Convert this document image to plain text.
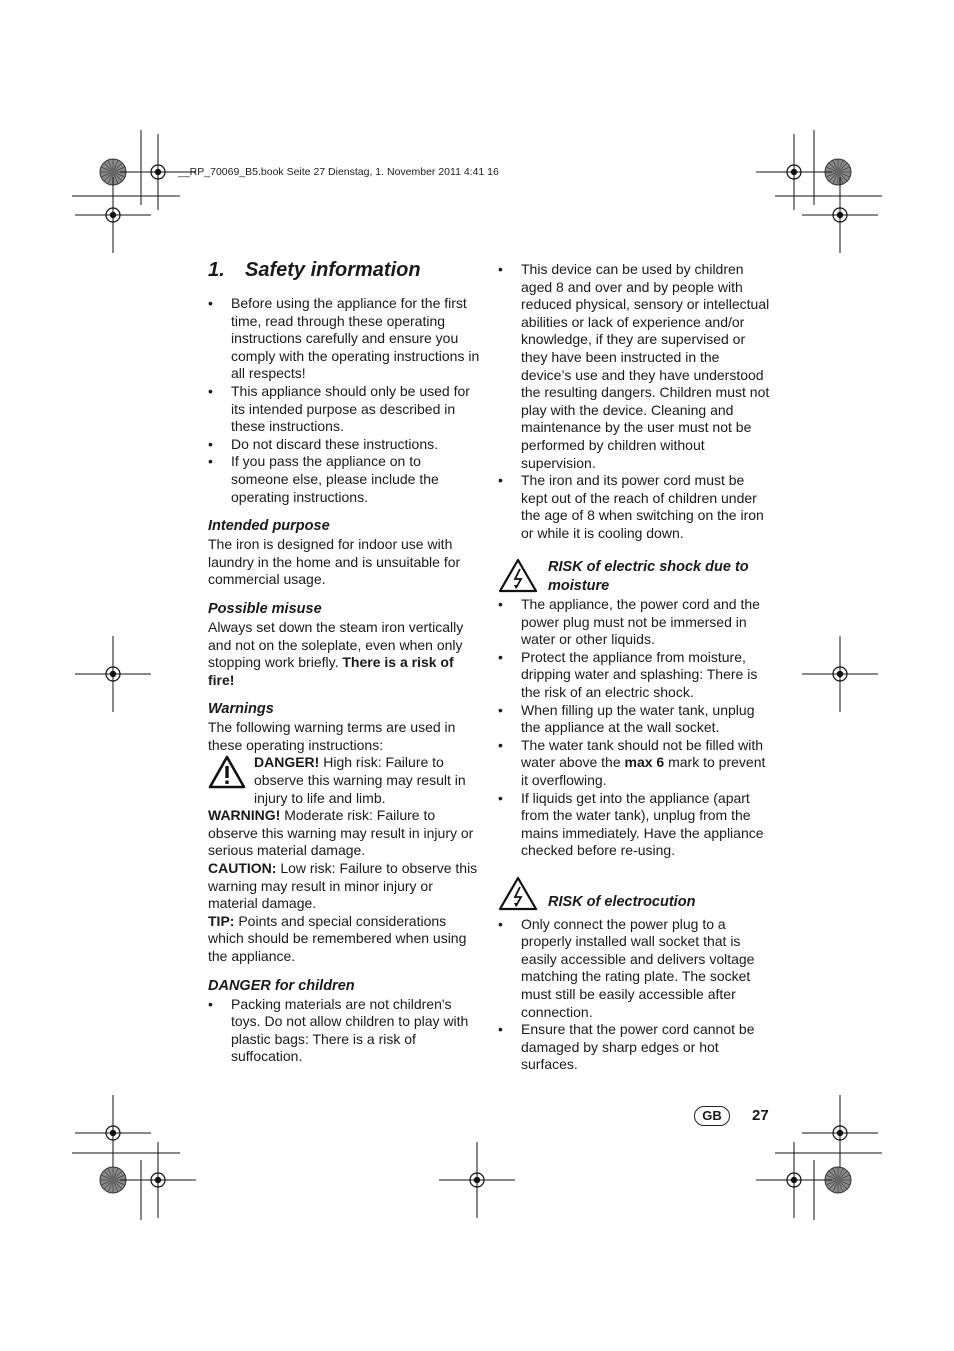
__RP_70069_B5.book Seite 27 Dienstag, 1. November 2011 4:41 16
1.	Safety information
• Before using the appliance for the first time, read through these operating instructions carefully and ensure you comply with the operating instructions in all respects!
• This appliance should only be used for its intended purpose as described in these instructions.
• Do not discard these instructions.
• If you pass the appliance on to someone else, please include the operating instructions.
Intended purpose

The iron is designed for indoor use with laundry in the home and is unsuitable for commercial usage.

Possible misuse

Always set down the steam iron vertically and not on the soleplate, even when only stopping work briefly. There is a risk of fire!

Warnings

The following warning terms are used in these operating instructions:

DANGER! High risk: Failure to observe this warning may result in injury to life and limb.

WARNING! Moderate risk: Failure to observe this warning may result in injury or serious material damage.

CAUTION: Low risk: Failure to observe this warning may result in minor injury or material damage.

TIP: Points and special considerations which should be remembered when using the appliance.

DANGER for children
• Packing materials are not children's toys. Do not allow children to play with plastic bags: There is a risk of suffocation.
• This device can be used by children aged 8 and over and by people with reduced physical, sensory or intellectual abilities or lack of experience and/or knowledge, if they are supervised or they have been instructed in the device’s use and they have understood the resulting dangers. Children must not play with the device. Cleaning and maintenance by the user must not be performed by children without supervision.
• The iron and its power cord must be kept out of the reach of children under the age of 8 when switching on the iron or while it is cooling down.
RISK of electric shock due to moisture
• The appliance, the power cord and the power plug must not be immersed in water or other liquids.
• Protect the appliance from moisture, dripping water and splashing: There is the risk of an electric shock.
• When filling up the water tank, unplug the appliance at the wall socket.
• The water tank should not be filled with water above the max 6 mark to prevent it overflowing.
• If liquids get into the appliance (apart from the water tank), unplug from the mains immediately. Have the appliance checked before re-using.
RISK of electrocution
• Only connect the power plug to a properly installed wall socket that is easily accessible and delivers voltage matching the rating plate. The socket must still be easily accessible after connection.
• Ensure that the power cord cannot be damaged by sharp edges or hot surfaces.
GB	27
